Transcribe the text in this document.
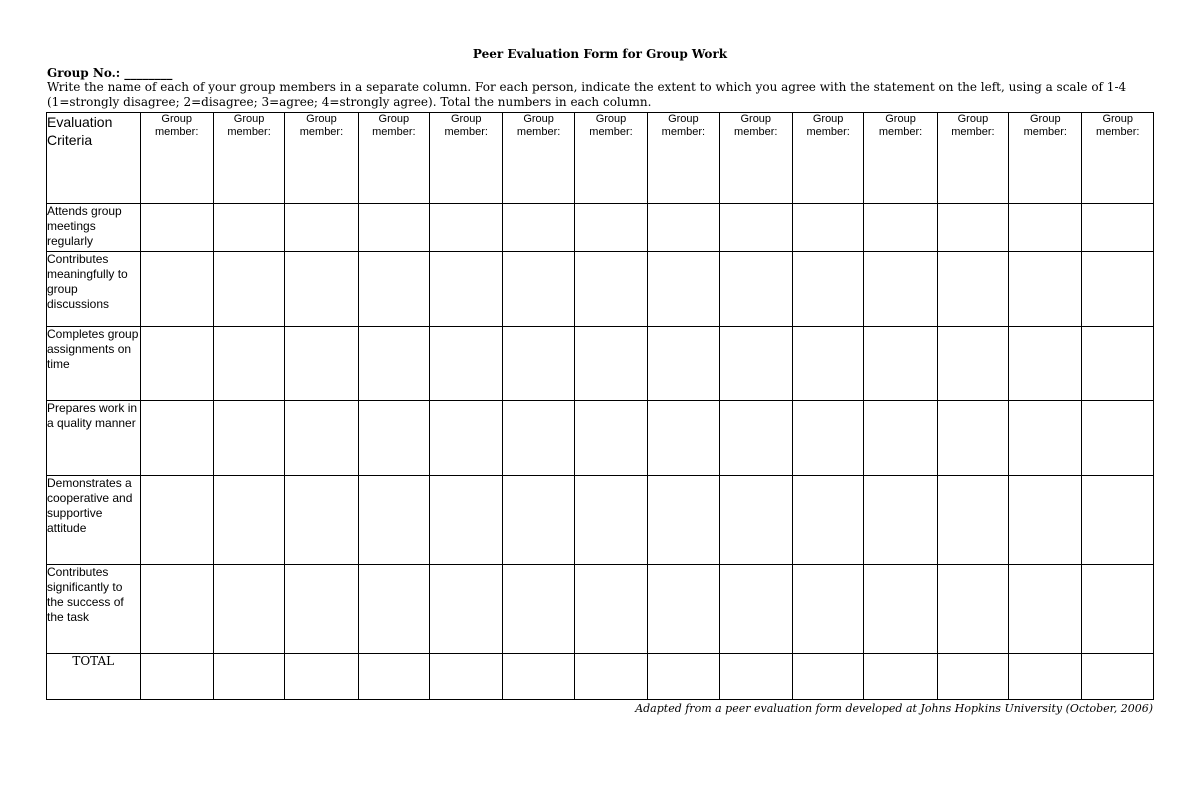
Peer Evaluation Form for Group Work
Group No.: ________
Write the name of each of your group members in a separate column. For each person, indicate the extent to which you agree with the statement on the left, using a scale of 1-4 (1=strongly disagree; 2=disagree; 3=agree; 4=strongly agree). Total the numbers in each column.
Evaluation Criteria	Group member:	Group member:	Group member:	Group member:	Group member:	Group member:	Group member:	Group member:	Group member:	Group member:	Group member:	Group member:	Group member:	Group member:
Attends group meetings regularly														
Contributes meaningfully to group discussions														
Completes group assignments on time														
Prepares work in a quality manner														
Demonstrates a cooperative and supportive attitude														
Contributes significantly to the success of the task														
TOTAL														
Adapted from a peer evaluation form developed at Johns Hopkins University (October, 2006)
